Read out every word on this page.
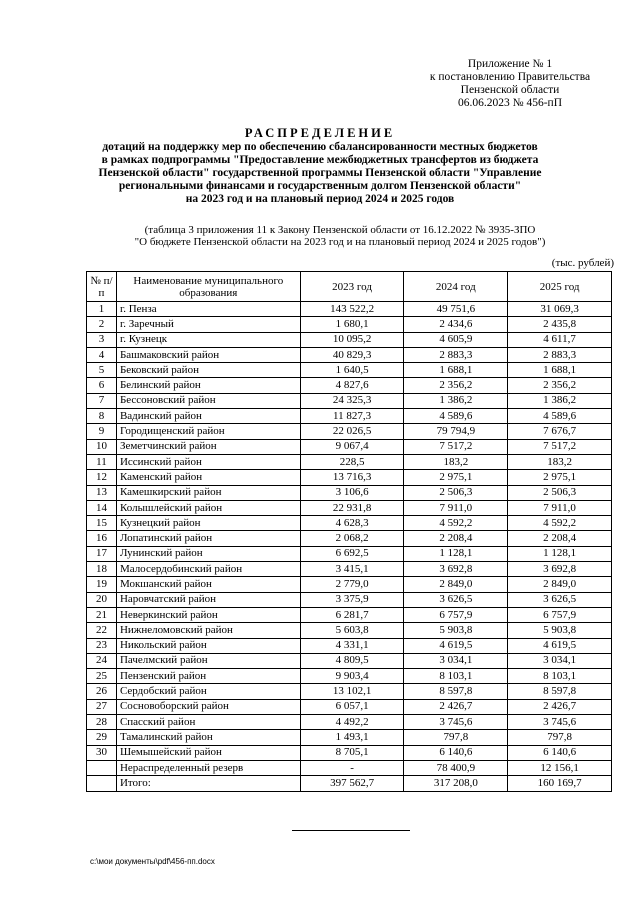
Приложение № 1
к постановлению Правительства
Пензенской области
06.06.2023 № 456-пП
РАСПРЕДЕЛЕНИЕ
дотаций на поддержку мер по обеспечению сбалансированности местных бюджетов
в рамках подпрограммы "Предоставление межбюджетных трансфертов из бюджета
Пензенской области" государственной программы Пензенской области "Управление
региональными финансами и государственным долгом Пензенской области"
на 2023 год и на плановый период 2024 и 2025 годов
(таблица 3 приложения 11 к Закону Пензенской области от 16.12.2022 № 3935-ЗПО
"О бюджете Пензенской области на 2023 год и на плановый период 2024 и 2025 годов")
(тыс. рублей)
№ п/п	Наименование муниципального образования	2023 год	2024 год	2025 год
1	г. Пенза	143 522,2	49 751,6	31 069,3
2	г. Заречный	1 680,1	2 434,6	2 435,8
3	г. Кузнецк	10 095,2	4 605,9	4 611,7
4	Башмаковский район	40 829,3	2 883,3	2 883,3
5	Бековский район	1 640,5	1 688,1	1 688,1
6	Белинский район	4 827,6	2 356,2	2 356,2
7	Бессоновский район	24 325,3	1 386,2	1 386,2
8	Вадинский район	11 827,3	4 589,6	4 589,6
9	Городищенский район	22 026,5	79 794,9	7 676,7
10	Земетчинский район	9 067,4	7 517,2	7 517,2
11	Иссинский район	228,5	183,2	183,2
12	Каменский район	13 716,3	2 975,1	2 975,1
13	Камешкирский район	3 106,6	2 506,3	2 506,3
14	Колышлейский район	22 931,8	7 911,0	7 911,0
15	Кузнецкий район	4 628,3	4 592,2	4 592,2
16	Лопатинский район	2 068,2	2 208,4	2 208,4
17	Лунинский район	6 692,5	1 128,1	1 128,1
18	Малосердобинский район	3 415,1	3 692,8	3 692,8
19	Мокшанский район	2 779,0	2 849,0	2 849,0
20	Наровчатский район	3 375,9	3 626,5	3 626,5
21	Неверкинский район	6 281,7	6 757,9	6 757,9
22	Нижнеломовский район	5 603,8	5 903,8	5 903,8
23	Никольский район	4 331,1	4 619,5	4 619,5
24	Пачелмский район	4 809,5	3 034,1	3 034,1
25	Пензенский район	9 903,4	8 103,1	8 103,1
26	Сердобский район	13 102,1	8 597,8	8 597,8
27	Сосновоборский район	6 057,1	2 426,7	2 426,7
28	Спасский район	4 492,2	3 745,6	3 745,6
29	Тамалинский район	1 493,1	797,8	797,8
30	Шемышейский район	8 705,1	6 140,6	6 140,6
	Нераспределенный резерв	-	78 400,9	12 156,1
	Итого:	397 562,7	317 208,0	160 169,7
c:\мои документы\pdf\456-пп.docx
